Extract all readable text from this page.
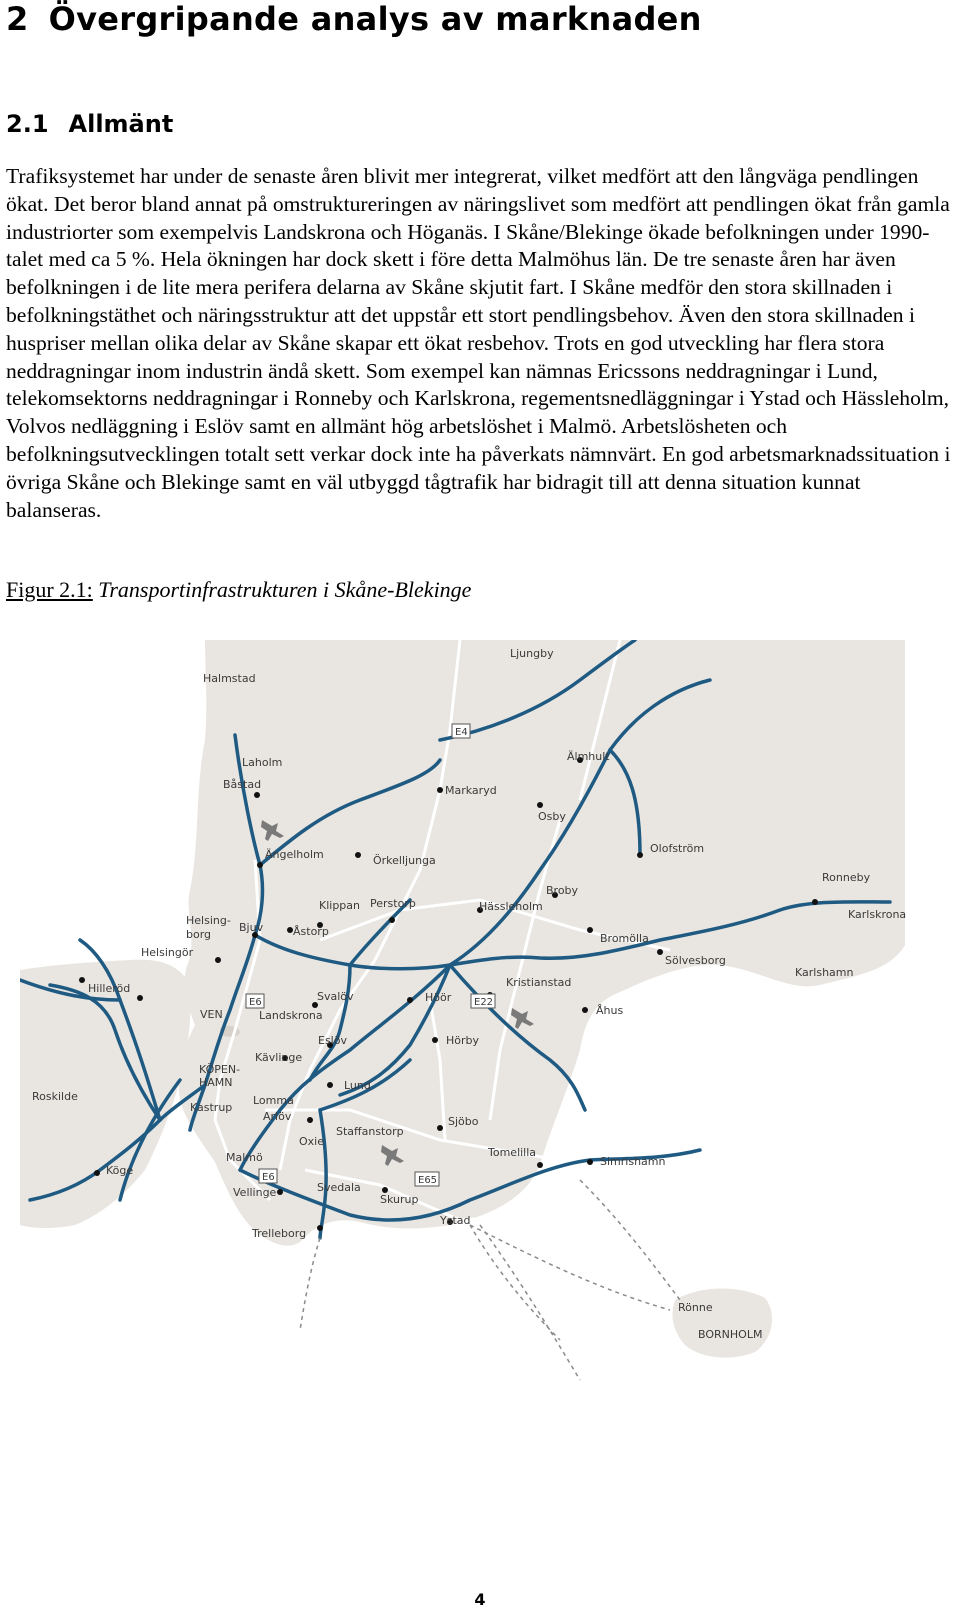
2 Övergripande analys av marknaden
2.1 Allmänt

Trafiksystemet har under de senaste åren blivit mer integrerat, vilket medfört att den långväga pendlingen ökat. Det beror bland annat på omstruktureringen av näringslivet som medfört att pendlingen ökat från gamla industriorter som exempelvis Landskrona och Höganäs. I Skåne/Blekinge ökade befolkningen under 1990-talet med ca 5 %. Hela ökningen har dock skett i före detta Malmöhus län. De tre senaste åren har även befolkningen i de lite mera perifera delarna av Skåne skjutit fart. I Skåne medför den stora skillnaden i befolkningstäthet och näringsstruktur att det uppstår ett stort pendlingsbehov. Även den stora skillnaden i huspriser mellan olika delar av Skåne skapar ett ökat resbehov. Trots en god utveckling har flera stora neddragningar inom industrin ändå skett. Som exempel kan nämnas Ericssons neddragningar i Lund, telekomsektorns neddragningar i Ronneby och Karlskrona, regementsnedläggningar i Ystad och Hässleholm, Volvos nedläggning i Eslöv samt en allmänt hög arbetslöshet i Malmö. Arbetslösheten och befolkningsutvecklingen totalt sett verkar dock inte ha påverkats nämnvärt. En god arbetsmarknadssituation i övriga Skåne och Blekinge samt en väl utbyggd tågtrafik har bidragit till att denna situation kunnat balanseras.

Figur 2.1: Transportinfrastrukturen i Skåne-Blekinge

Ljungby
Halmstad
Laholm
Båstad	Markaryd
Älmhult
Osby
Olofström
Ängelholm	Örkelljunga
Ronneby
Broby
Klippan Perstorp	Hässleholm
Karlskrona
Helsing-
borg
Bjuv	Åstorp
Bromölla
Helsingör
Sölvesborg
Karlshamn
Hilleröd	Kristianstad
Svalöv	Höör
VEN	Landskrona	Åhus
Eslöv	Hörby
Kävlinge
KÖPEN-
HAMN
Roskilde
Lund
Kastrup
Lomma
Arlöv	Sjöbo
Staffanstorp
Oxie
Tomelilla
Malmö	Simrishamn
Köge
Vellinge	Svedala
Skurup
Ystad
Trelleborg
Rönne
BORNHOLM
E4
E6	E22
E6	E65
4
